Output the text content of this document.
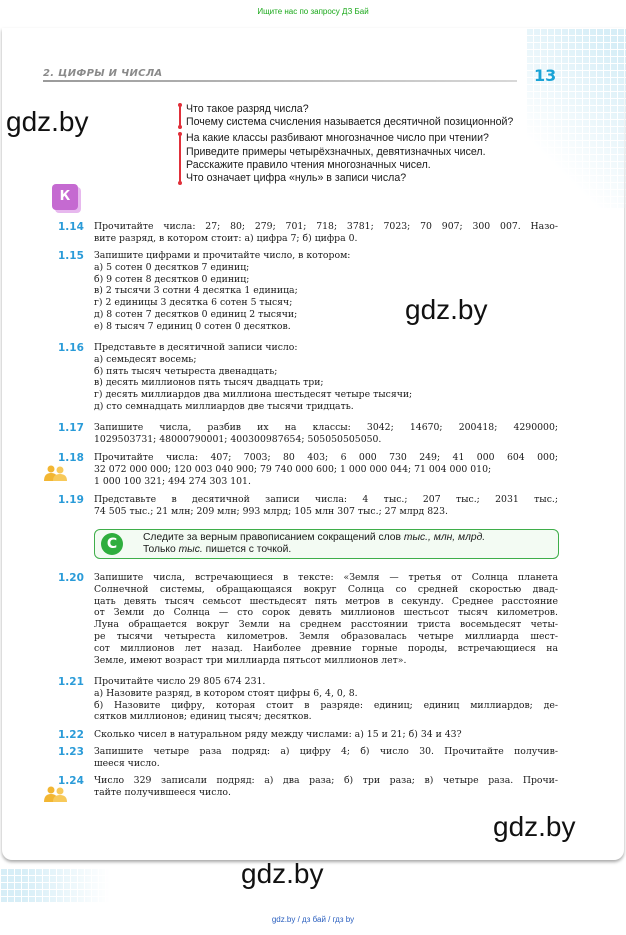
Ищите нас по запросу ДЗ Бай
2. ЦИФРЫ И ЧИСЛА	13
gdz.by
gdz.by
gdz.by
gdz.by
Что такое разряд числа?
Почему система счисления называется десятичной позиционной?
На какие классы разбивают многозначное число при чтении?
Приведите примеры четырёхзначных, девятизначных чисел.
Расскажите правило чтения многозначных чисел.
Что означает цифра «нуль» в записи числа?
К
1.14 Прочитайте числа: 27; 80; 279; 701; 718; 3781; 7023; 70 907; 300 007. Назо-
вите разряд, в котором стоит: а) цифра 7; б) цифра 0.
1.15 Запишите цифрами и прочитайте число, в котором:
а) 5 сотен 0 десятков 7 единиц;
б) 9 сотен 8 десятков 0 единиц;
в) 2 тысячи 3 сотни 4 десятка 1 единица;
г) 2 единицы 3 десятка 6 сотен 5 тысяч;
д) 8 сотен 7 десятков 0 единиц 2 тысячи;
е) 8 тысяч 7 единиц 0 сотен 0 десятков.
1.16 Представьте в десятичной записи число:
а) семьдесят восемь;
б) пять тысяч четыреста двенадцать;
в) десять миллионов пять тысяч двадцать три;
г) десять миллиардов два миллиона шестьдесят четыре тысячи;
д) сто семнадцать миллиардов две тысячи тридцать.
1.17 Запишите числа, разбив их на классы: 3042; 14670; 200418; 4290000;
1029503731; 48000790001; 400300987654; 505050505050.
1.18 Прочитайте числа: 407; 7003; 80 403; 6 000 730 249; 41 000 604 000;
32 072 000 000; 120 003 040 900; 79 740 000 600; 1 000 000 044; 71 004 000 010;
1 000 100 321; 494 274 303 101.
1.19 Представьте в десятичной записи числа: 4 тыс.; 207 тыс.; 2031 тыс.;
74 505 тыс.; 21 млн; 209 млн; 993 млрд; 105 млн 307 тыс.; 27 млрд 823.
С	Следите за верным правописанием сокращений слов тыс., млн, млрд.
Только тыс. пишется с точкой.
1.20 Запишите числа, встречающиеся в тексте: «Земля — третья от Солнца планета
Солнечной системы, обращающаяся вокруг Солнца со средней скоростью двад-
цать девять тысяч семьсот шестьдесят пять метров в секунду. Среднее расстояние
от Земли до Солнца — сто сорок девять миллионов шестьсот тысяч километров.
Луна обращается вокруг Земли на среднем расстоянии триста восемьдесят четы-
ре тысячи четыреста километров. Земля образовалась четыре миллиарда шест-
сот миллионов лет назад. Наиболее древние горные породы, встречающиеся на
Земле, имеют возраст три миллиарда пятьсот миллионов лет».
1.21 Прочитайте число 29 805 674 231.
а) Назовите разряд, в котором стоят цифры 6, 4, 0, 8.
б) Назовите цифру, которая стоит в разряде: единиц; единиц миллиардов; де-
сятков миллионов; единиц тысяч; десятков.
1.22 Сколько чисел в натуральном ряду между числами: а) 15 и 21; б) 34 и 43?
1.23 Запишите четыре раза подряд: а) цифру 4; б) число 30. Прочитайте получив-
шееся число.
1.24 Число 329 записали подряд: а) два раза; б) три раза; в) четыре раза. Прочи-
тайте получившееся число.
gdz.by / дз бай / гдз by
